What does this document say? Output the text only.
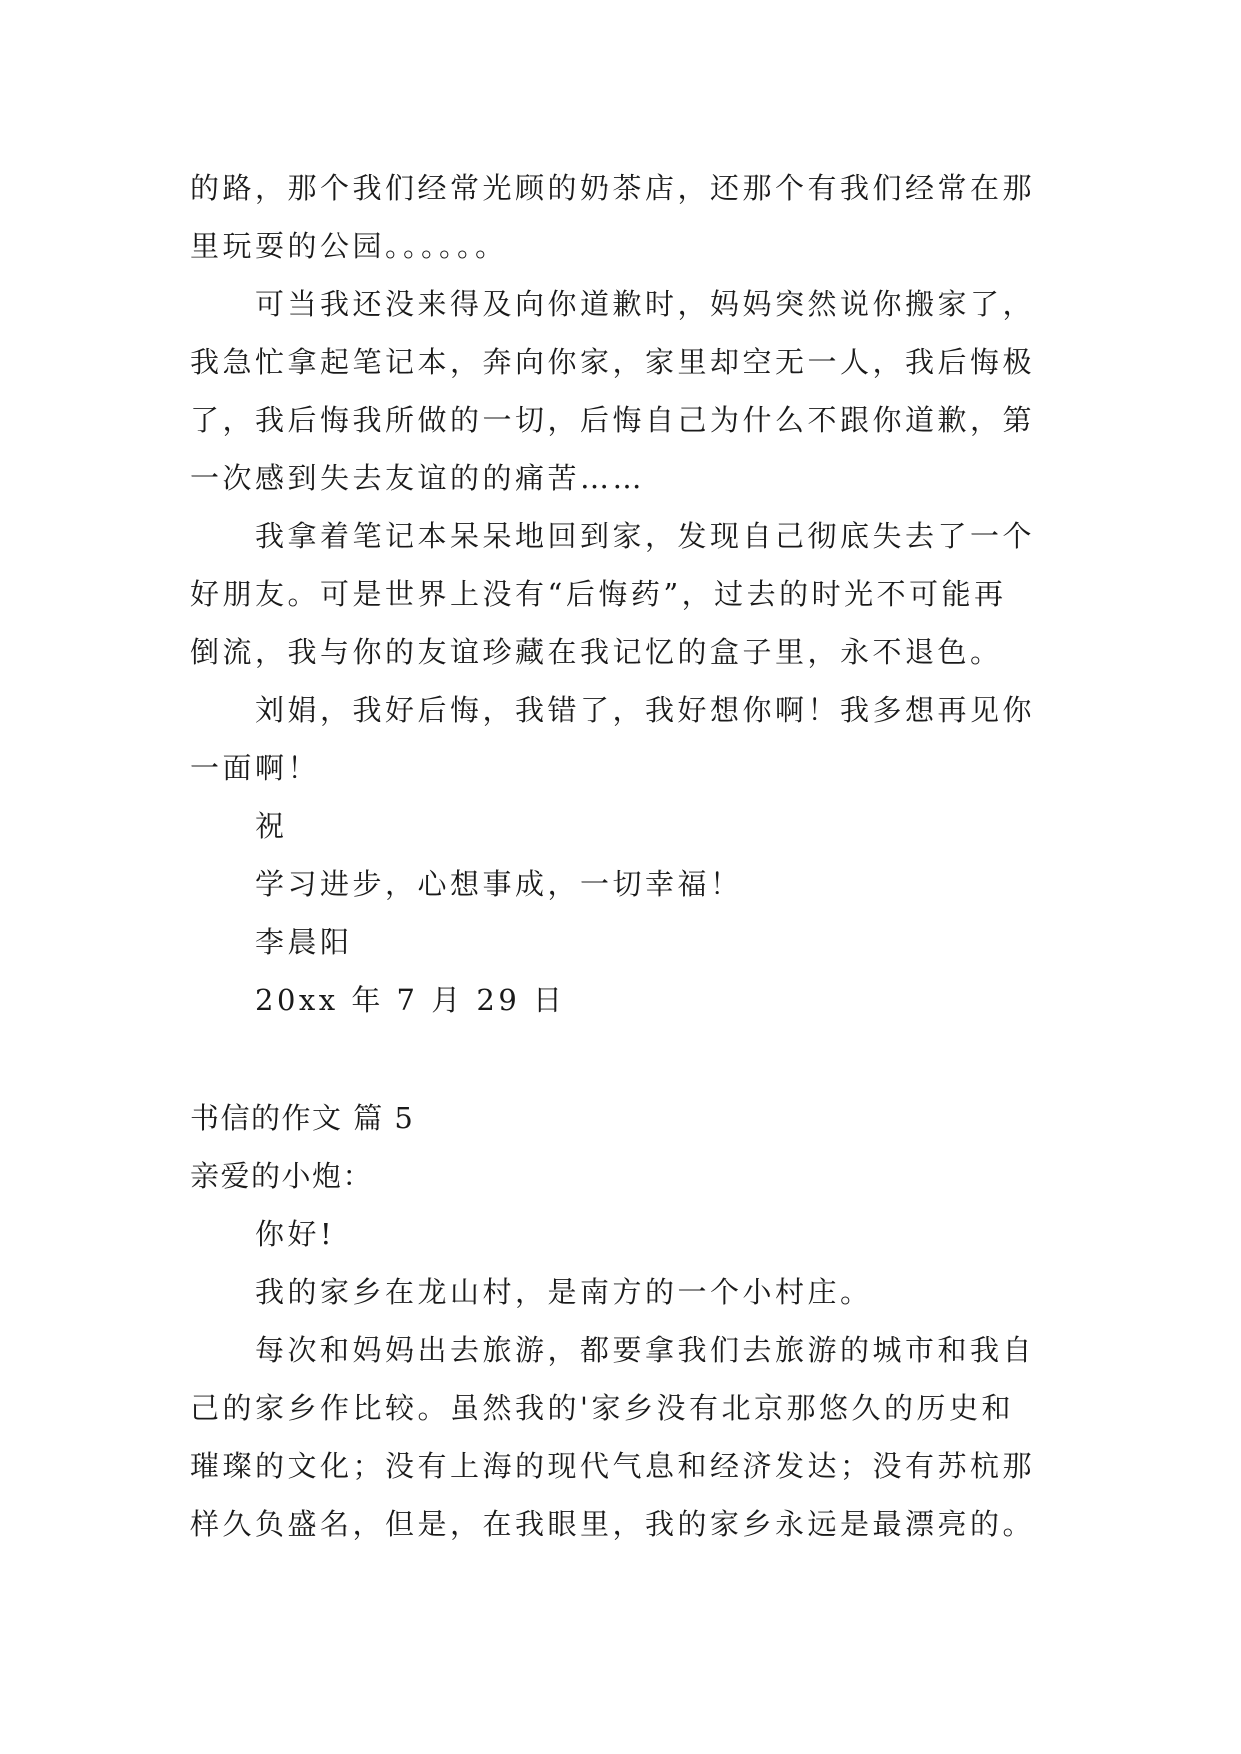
的路，那个我们经常光顾的奶茶店，还那个有我们经常在那
里玩耍的公园。。。。。。
可当我还没来得及向你道歉时，妈妈突然说你搬家了，
我急忙拿起笔记本，奔向你家，家里却空无一人，我后悔极
了，我后悔我所做的一切，后悔自己为什么不跟你道歉，第
一次感到失去友谊的的痛苦……
我拿着笔记本呆呆地回到家，发现自己彻底失去了一个
好朋友。可是世界上没有“后悔药”，过去的时光不可能再
倒流，我与你的友谊珍藏在我记忆的盒子里，永不退色。
刘娟，我好后悔，我错了，我好想你啊！我多想再见你
一面啊！
祝
学习进步，心想事成，一切幸福！
李晨阳
20xx 年 7 月 29 日
书信的作文 篇 5
亲爱的小炮：
你好!
我的家乡在龙山村，是南方的一个小村庄。
每次和妈妈出去旅游，都要拿我们去旅游的城市和我自
己的家乡作比较。虽然我的'家乡没有北京那悠久的历史和
璀璨的文化；没有上海的现代气息和经济发达；没有苏杭那
样久负盛名，但是，在我眼里，我的家乡永远是最漂亮的。
